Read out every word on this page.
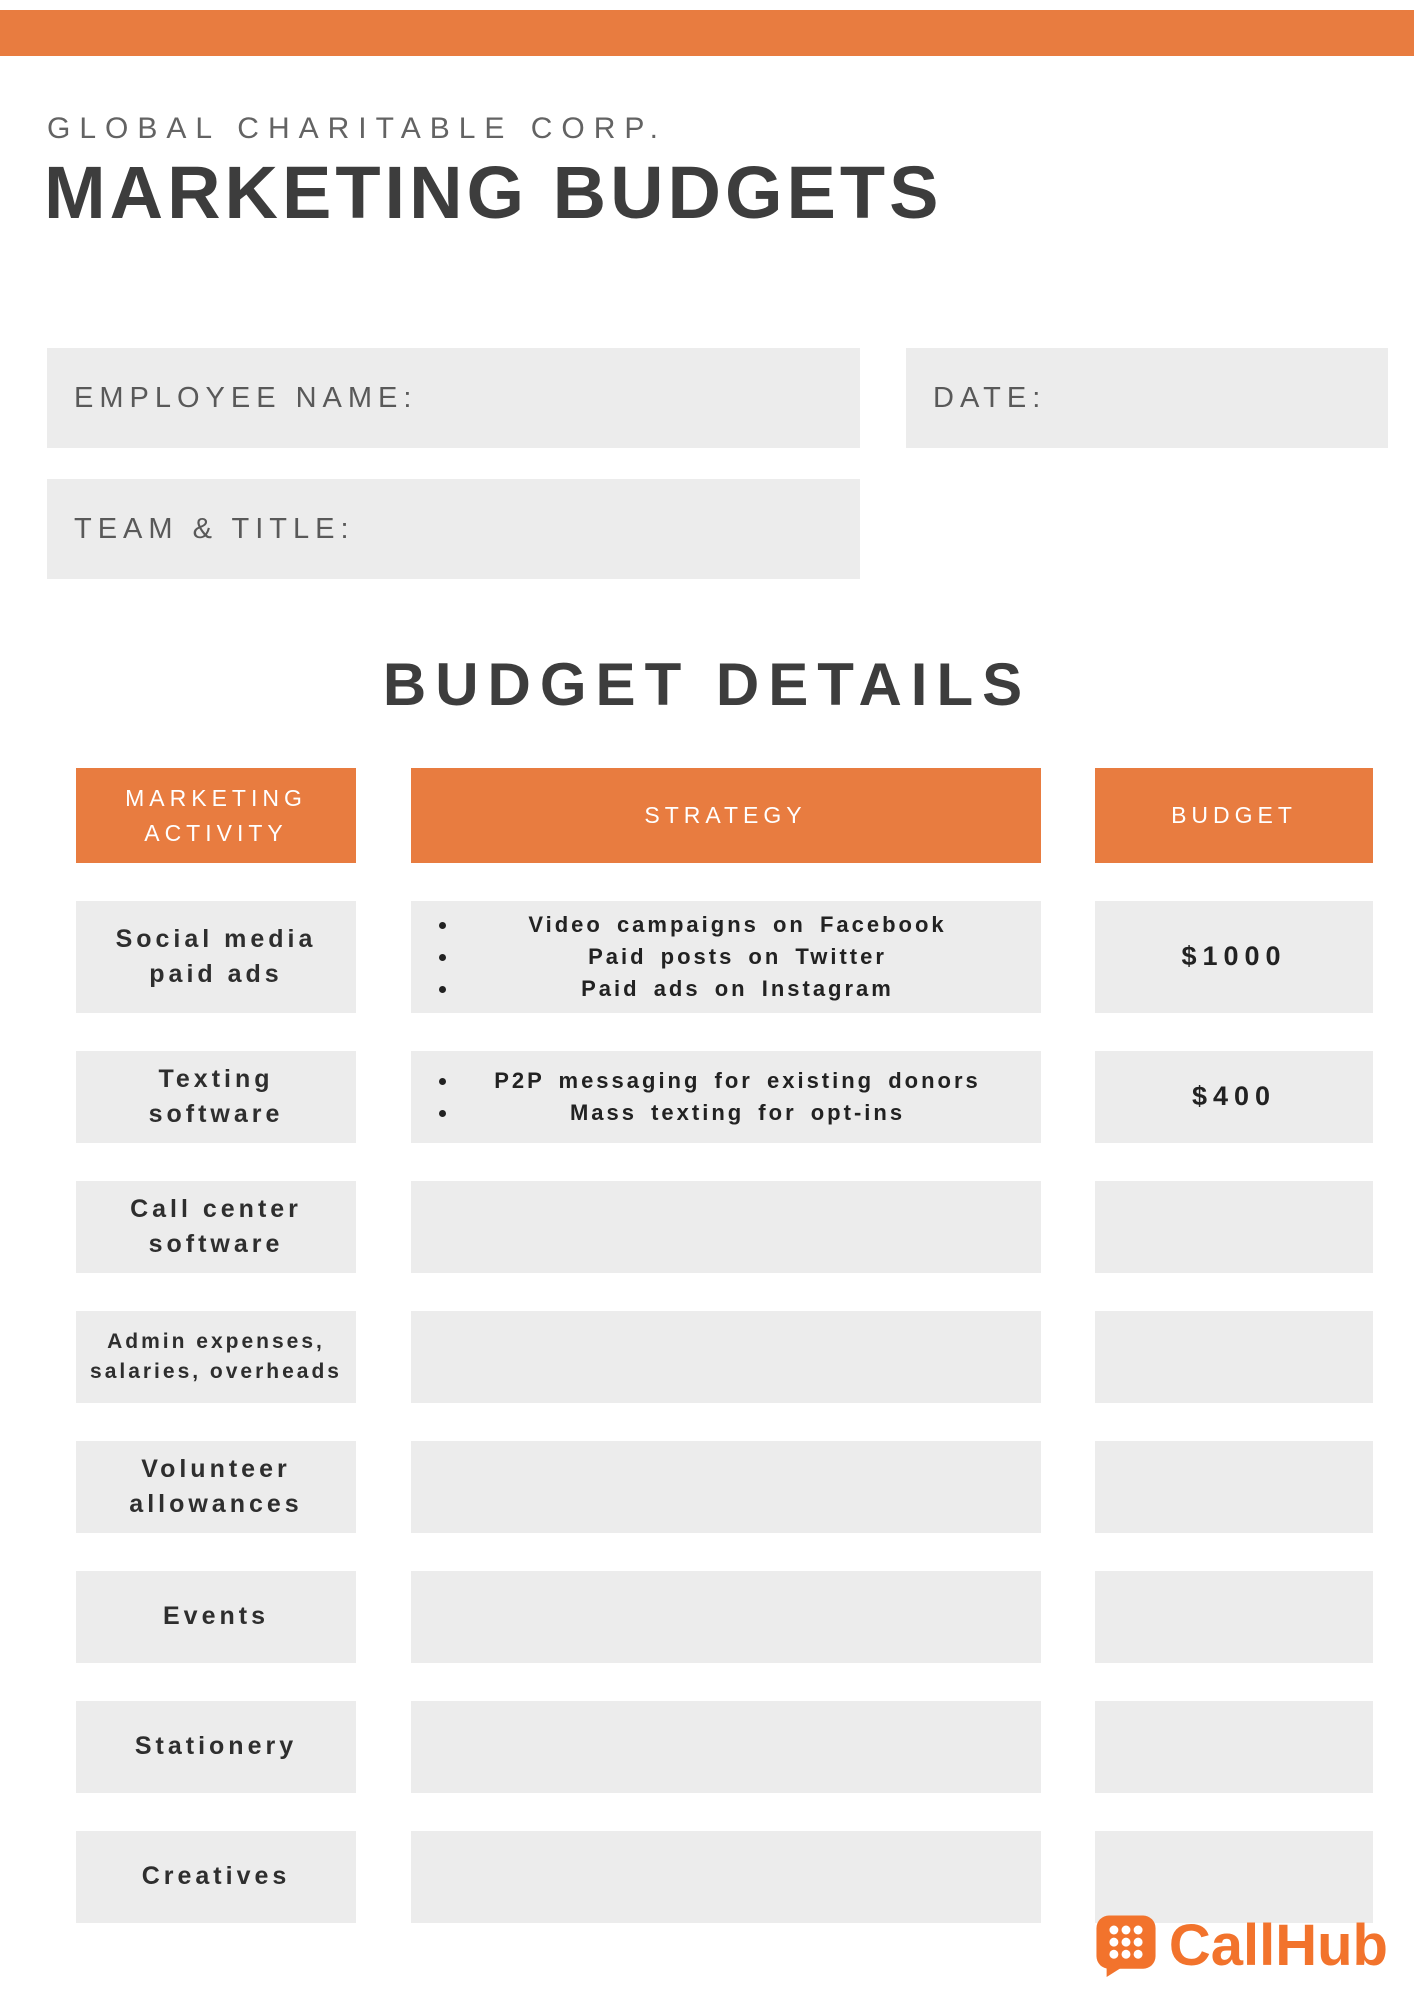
GLOBAL CHARITABLE CORP.
MARKETING BUDGETS
EMPLOYEE NAME:	DATE:
TEAM & TITLE:
BUDGET DETAILS
MARKETING ACTIVITY
STRATEGY	BUDGET
Social media paid ads
• Video campaigns on Facebook
• Paid posts on Twitter
• Paid ads on Instagram
$1000
Texting software
• P2P messaging for existing donors
• Mass texting for opt-ins
$400
Call center software
Admin expenses, salaries, overheads
Volunteer allowances
Events
Stationery
Creatives
CallHub
